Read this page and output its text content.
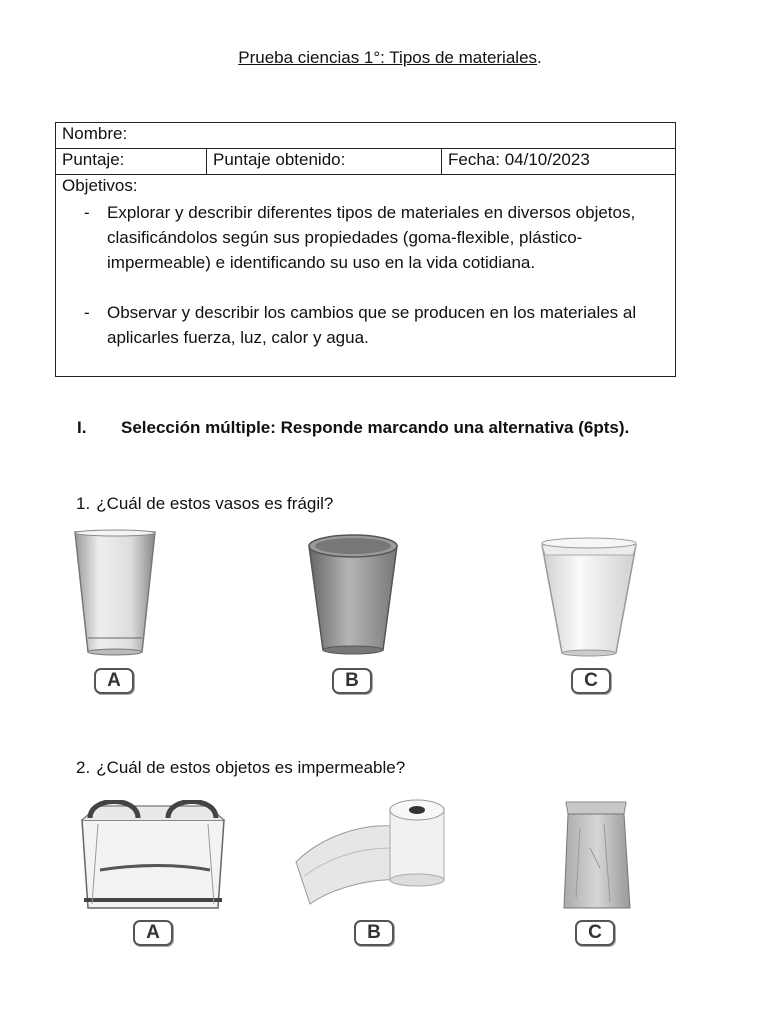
Prueba ciencias 1°: Tipos de materiales.
Nombre:
Puntaje:	Puntaje obtenido:	Fecha: 04/10/2023

Objetivos:
- Explorar y describir diferentes tipos de materiales en diversos objetos, clasificándolos según sus propiedades (goma-flexible, plástico-impermeable) e identificando su uso en la vida cotidiana.
- Observar y describir los cambios que se producen en los materiales al aplicarles fuerza, luz, calor y agua.
I. Selección múltiple: Responde marcando una alternativa (6pts).
1. ¿Cuál de estos vasos es frágil?
A	B	C
2. ¿Cuál de estos objetos es impermeable?
A	B	C
